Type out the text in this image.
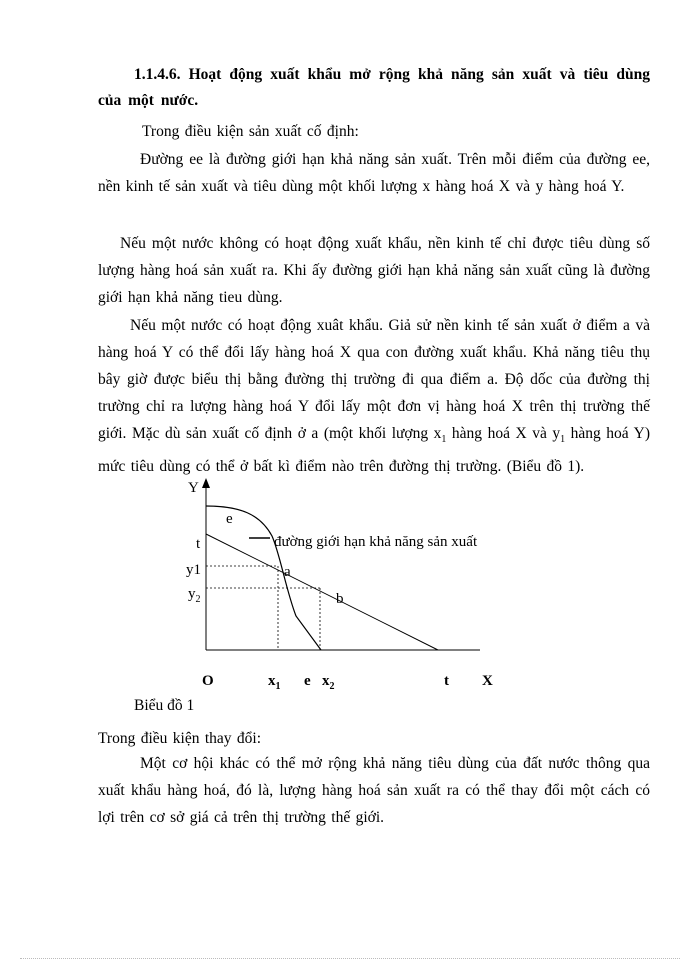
1.1.4.6. Hoạt động xuất khẩu mở rộng khả năng sản xuất và tiêu dùng của một nước.
Trong điều kiện sản xuất cố định:
Đường ee là đường giới hạn khả năng sản xuất. Trên mỗi điểm của đường ee, nền kinh tế sản xuất và tiêu dùng một khối lượng x hàng hoá X và y hàng hoá Y.
Nếu một nước không có hoạt động xuất khẩu, nền kinh tế chỉ được tiêu dùng số lượng hàng hoá sản xuất ra. Khi ấy đường giới hạn khả năng sản xuất cũng là đường giới hạn khả năng tieu dùng.
Nếu một nước có hoạt động xuât khẩu. Giả sử nền kinh tế sản xuất ở điểm a và hàng hoá Y có thể đổi lấy hàng hoá X qua con đường xuất khẩu. Khả năng tiêu thụ bây giờ được biểu thị bằng đường thị trường đi qua điểm a. Độ dốc của đường thị trường chỉ ra lượng hàng hoá Y đổi lấy một đơn vị hàng hoá X trên thị trường thế giới. Mặc dù sản xuất cố định ở a (một khối lượng $x_1$ hàng hoá X và $y_1$ hàng hoá Y) mức tiêu dùng có thể ở bất kì điểm nào trên đường thị trường. (Biểu đồ 1).
Y
e
đường giới hạn khả năng sản xuất
t
y1
$y_2$
a
b
O	$x_1$ e $x_2$	t X
Biểu đồ 1
Trong điều kiện thay đổi:
Một cơ hội khác có thể mở rộng khả năng tiêu dùng của đất nước thông qua xuất khẩu hàng hoá, đó là, lượng hàng hoá sản xuất ra có thể thay đổi một cách có lợi trên cơ sở giá cả trên thị trường thế giới.
